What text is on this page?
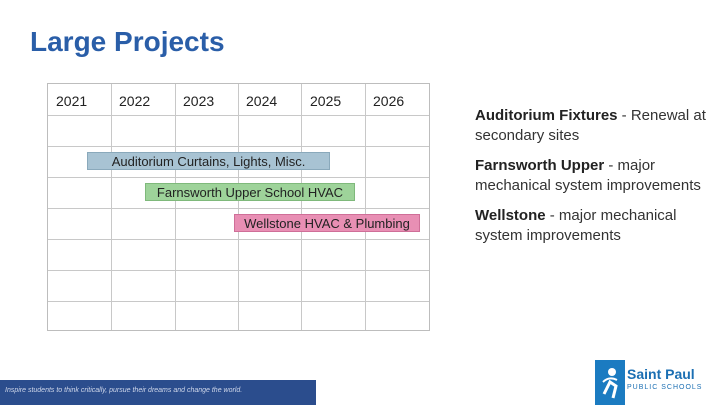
Large Projects
2021 2022 2023 2024 2025 2026
Auditorium Curtains, Lights, Misc.
Farnsworth Upper School HVAC
Wellstone HVAC & Plumbing
Auditorium Fixtures - Renewal at secondary sites
Farnsworth Upper - major mechanical system improvements
Wellstone - major mechanical system improvements
Inspire students to think critically, pursue their dreams and change the world.
Saint Paul
PUBLIC SCHOOLS
